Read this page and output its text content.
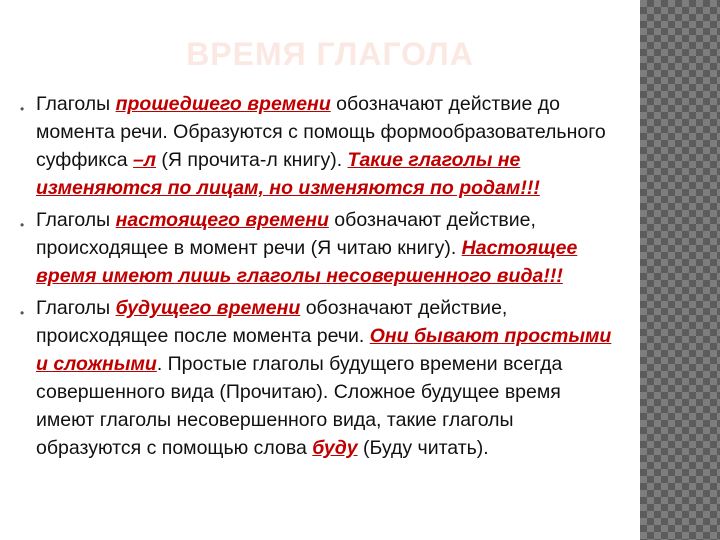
ВРЕМЯ ГЛАГОЛА
• Глаголы прошедшего времени обозначают действие до момента речи. Образуются с помощь формообразовательного суффикса –л (Я прочита-л книгу). Такие глаголы не изменяются по лицам, но изменяются по родам!!!
• Глаголы настоящего времени обозначают действие, происходящее в момент речи (Я читаю книгу). Настоящее время имеют лишь глаголы несовершенного вида!!!
• Глаголы будущего времени обозначают действие, происходящее после момента речи. Они бывают простыми и сложными. Простые глаголы будущего времени всегда совершенного вида (Прочитаю). Сложное будущее время имеют глаголы несовершенного вида, такие глаголы образуются с помощью слова буду (Буду читать).
